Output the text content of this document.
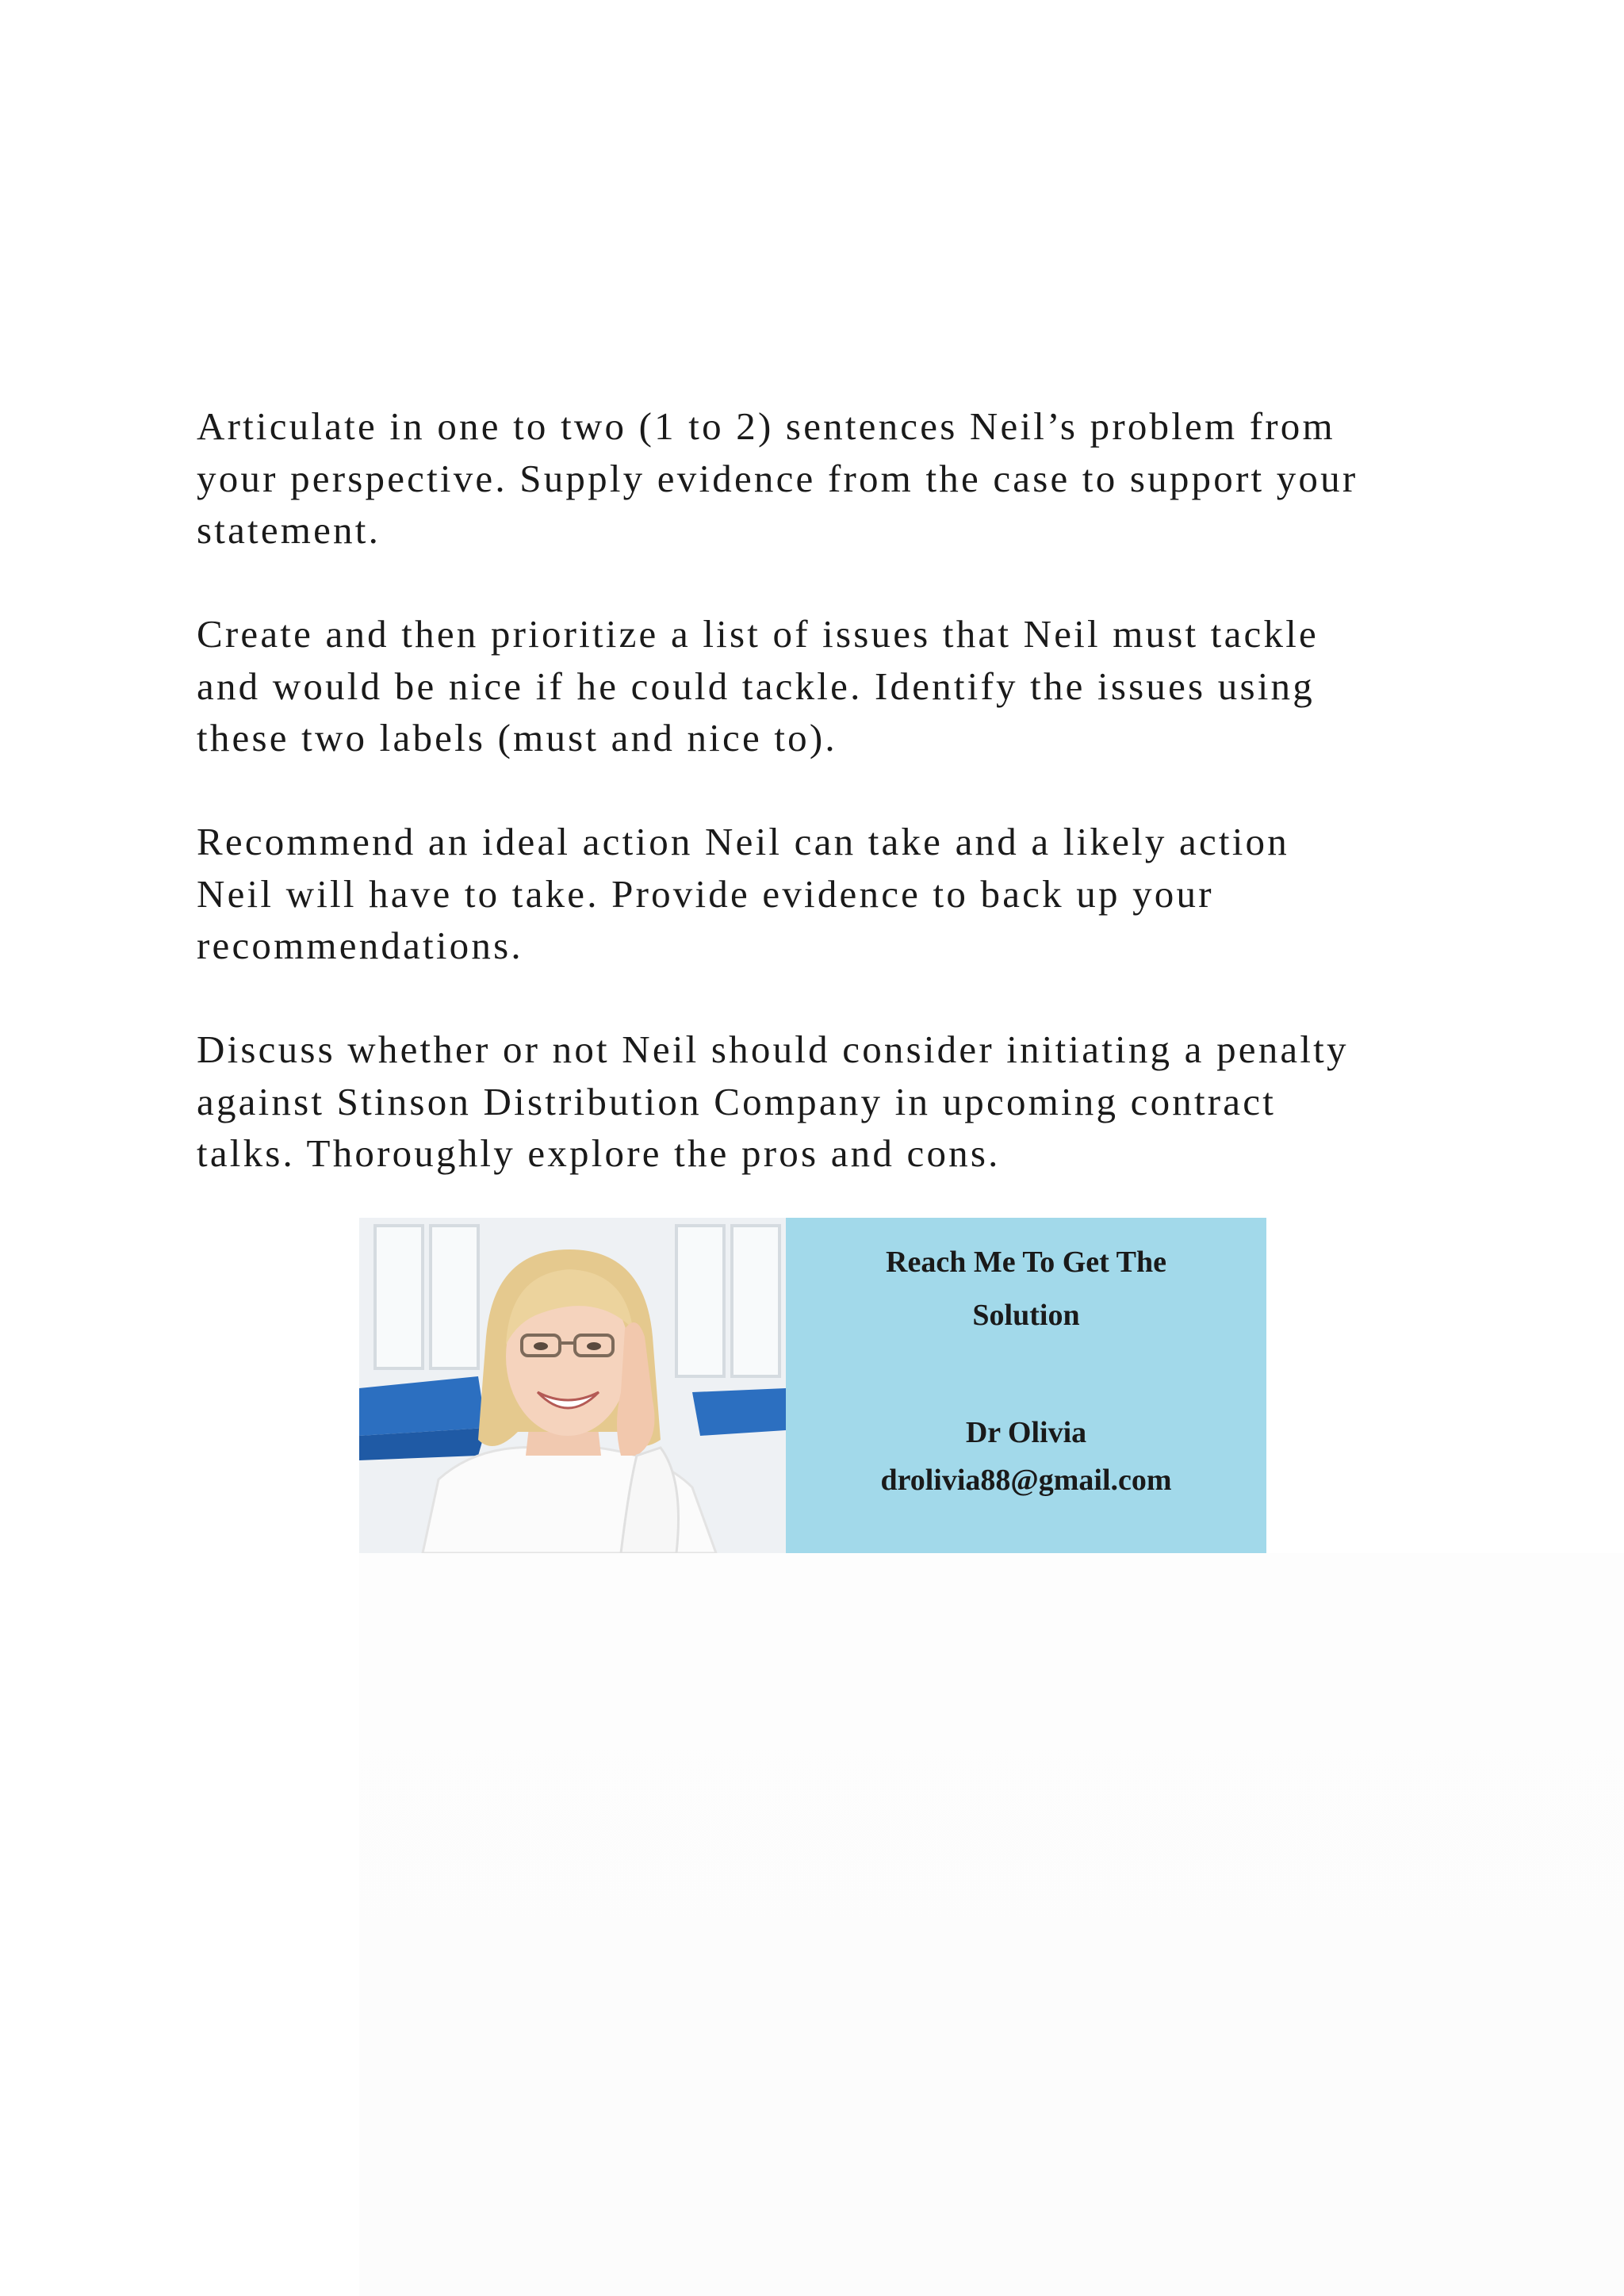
Articulate in one to two (1 to 2) sentences Neil’s problem from
your perspective. Supply evidence from the case to support your
statement.

Create and then prioritize a list of issues that Neil must tackle
and would be nice if he could tackle. Identify the issues using
these two labels (must and nice to).

Recommend an ideal action Neil can take and a likely action
Neil will have to take. Provide evidence to back up your
recommendations.

Discuss whether or not Neil should consider initiating a penalty
against Stinson Distribution Company in upcoming contract
talks. Thoroughly explore the pros and cons.

Reach Me To Get The
Solution
Dr Olivia
drolivia88@gmail.com
